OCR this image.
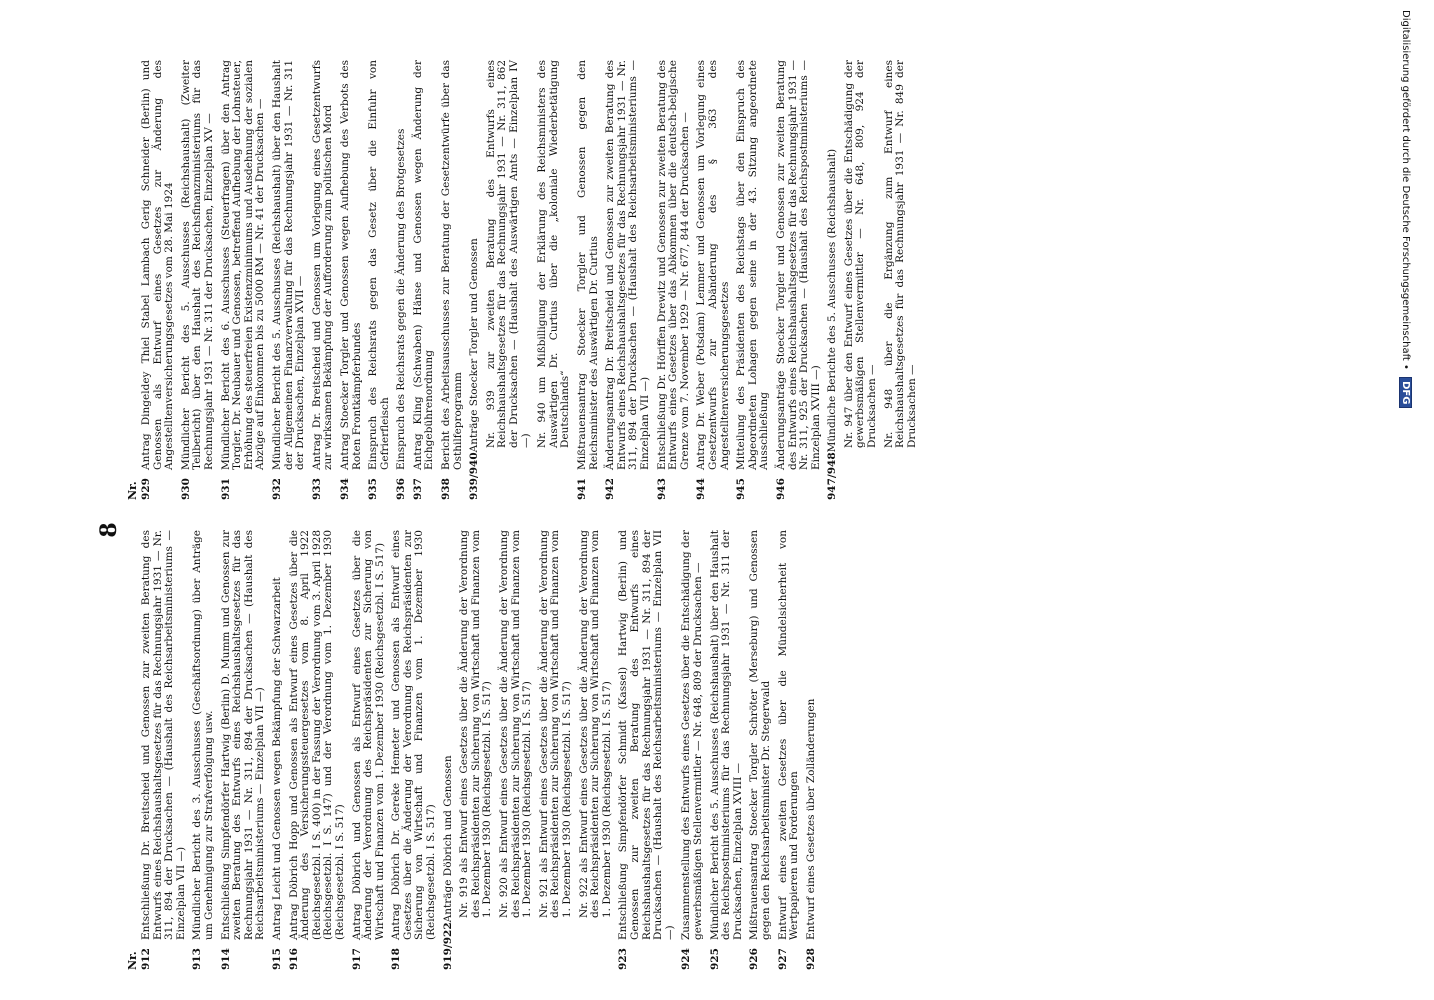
8
Nr. 912
Entschließung Dr. Breitscheid und Genossen zur zweiten Beratung des Entwurfs eines Reichshaushaltsgesetzes für das Rechnungsjahr 1931 — Nr. 311, 894 der Drucksachen — (Haushalt des Reichsarbeitsministeriums — Einzelplan VII —)
913
Mündlicher Bericht des 3. Ausschusses (Geschäftsordnung) über Anträge um Genehmigung zur Strafverfolgung usw.
914
Entschließung Simpfendörfer Hartwig (Berlin) D. Mumm und Genossen zur zweiten Beratung des Entwurfs eines Reichshaushaltsgesetzes für das Rechnungsjahr 1931 — Nr. 311, 894 der Drucksachen — (Haushalt des Reichsarbeitsministeriums — Einzelplan VII —)
915
Antrag Leicht und Genossen wegen Bekämpfung der Schwarzarbeit
916
Antrag Döbrich Hopp und Genossen als Entwurf eines Gesetzes über die Änderung des Versicherungssteuergesetzes vom 8. April 1922 (Reichsgesetzbl. I S. 400) in der Fassung der Verordnung vom 3. April 1928 (Reichsgesetzbl. I S. 147) und der Verordnung vom 1. Dezember 1930 (Reichsgesetzbl. I S. 517)
917
Antrag Döbrich und Genossen als Entwurf eines Gesetzes über die Änderung der Verordnung des Reichspräsidenten zur Sicherung von Wirtschaft und Finanzen vom 1. Dezember 1930 (Reichsgesetzbl. I S. 517)
918
Antrag Döbrich Dr. Gereke Hemeter und Genossen als Entwurf eines Gesetzes über die Änderung der Verordnung des Reichspräsidenten zur Sicherung von Wirtschaft und Finanzen vom 1. Dezember 1930 (Reichsgesetzbl. I S. 517)
919/922
Anträge Döbrich und Genossen Nr. 919 als Entwurf eines Gesetzes über die Änderung der Verordnung des Reichspräsidenten zur Sicherung von Wirtschaft und Finanzen vom 1. Dezember 1930 (Reichsgesetzbl. I S. 517) Nr. 920 als Entwurf eines Gesetzes über die Änderung der Verordnung des Reichspräsidenten zur Sicherung von Wirtschaft und Finanzen vom 1. Dezember 1930 (Reichsgesetzbl. I S. 517) Nr. 921 als Entwurf eines Gesetzes über die Änderung der Verordnung des Reichspräsidenten zur Sicherung von Wirtschaft und Finanzen vom 1. Dezember 1930 (Reichsgesetzbl. I S. 517) Nr. 922 als Entwurf eines Gesetzes über die Änderung der Verordnung des Reichspräsidenten zur Sicherung von Wirtschaft und Finanzen vom 1. Dezember 1930 (Reichsgesetzbl. I S. 517)
923
Entschließung Simpfendörfer Schmidt (Kassel) Hartwig (Berlin) und Genossen zur zweiten Beratung des Entwurfs eines Reichshaushaltsgesetzes für das Rechnungsjahr 1931 — Nr. 311, 894 der Drucksachen — (Haushalt des Reichsarbeitsministeriums — Einzelplan VII —)
924
Zusammenstellung des Entwurfs eines Gesetzes über die Entschädigung der gewerbsmäßigen Stellenvermittler — Nr. 648, 809 der Drucksachen —
925
Mündlicher Bericht des 5. Ausschusses (Reichshaushalt) über den Haushalt des Reichspostministeriums für das Rechnungsjahr 1931 — Nr. 311 der Drucksachen, Einzelplan XVIII —
926
Mißtrauensantrag Stoecker Torgler Schröter (Merseburg) und Genossen gegen den Reichsarbeitsminister Dr. Stegerwald
927
Entwurf eines zweiten Gesetzes über die Mündelsicherheit von Wertpapieren und Forderungen
928
Entwurf eines Gesetzes über Zolländerungen
Nr. 929
Antrag Dingeldey Thiel Stabel Lambach Gerig Schneider (Berlin) und Genossen als Entwurf eines Gesetzes zur Änderung des Angestelltenversicherungsgesetzes vom 28. Mai 1924
930
Mündlicher Bericht des 5. Ausschusses (Reichshaushalt) (Zweiter Teilbericht) über den Haushalt des Reichsfinanzministeriums für das Rechnungsjahr 1931 — Nr. 311 der Drucksachen, Einzelplan XV —
931
Mündlicher Bericht des 6. Ausschusses (Steuerfragen) über den Antrag Torgler, Dr. Neubauer und Genossen, betreffend Aufhebung der Lohnsteuer, Erhöhung des steuerfreien Existenzminimums und Ausdehnung der sozialen Abzüge auf Einkommen bis zu 5000 RM — Nr. 41 der Drucksachen —
932
Mündlicher Bericht des 5. Ausschusses (Reichshaushalt) über den Haushalt der Allgemeinen Finanzverwaltung für das Rechnungsjahr 1931 — Nr. 311 der Drucksachen, Einzelplan XVII —
933
Antrag Dr. Breitscheid und Genossen um Vorlegung eines Gesetzentwurfs zur wirksamen Bekämpfung der Aufforderung zum politischen Mord
934
Antrag Stoecker Torgler und Genossen wegen Aufhebung des Verbots des Roten Frontkämpferbundes
935
Einspruch des Reichsrats gegen das Gesetz über die Einfuhr von Gefrierfleisch
936
Einspruch des Reichsrats gegen die Änderung des Brotgesetzes
937
Antrag Kling (Schwaben) Hänse und Genossen wegen Änderung der Eichgebührenordnung
938
Bericht des Arbeitsausschusses zur Beratung der Gesetzentwürfe über das Osthilfeprogramm
939/940
Anträge Stoecker Torgler und Genossen Nr. 939 zur zweiten Beratung des Entwurfs eines Reichshaushaltsgesetzes für das Rechnungsjahr 1931 — Nr. 311, 862 der Drucksachen — (Haushalt des Auswärtigen Amts — Einzelplan IV —) Nr. 940 um Mißbilligung der Erklärung des Reichsministers des Auswärtigen Dr. Curtius über die „koloniale Wiederbetätigung Deutschlands“
941
Mißtrauensantrag Stoecker Torgler und Genossen gegen den Reichsminister des Auswärtigen Dr. Curtius
942
Änderungsantrag Dr. Breitscheid und Genossen zur zweiten Beratung des Entwurfs eines Reichshaushaltsgesetzes für das Rechnungsjahr 1931 — Nr. 311, 894 der Drucksachen — (Haushalt des Reichsarbeitsministeriums — Einzelplan VII —)
943
Entschließung Dr. Höriffen Drewitz und Genossen zur zweiten Beratung des Entwurfs eines Gesetzes über das Abkommen über die deutsch-belgische Grenze vom 7. November 1929 — Nr. 677, 844 der Drucksachen —
944
Antrag Dr. Weber (Potsdam) Lemmer und Genossen um Vorlegung eines Gesetzentwurfs zur Abänderung des § 363 des Angestelltenversicherungsgesetzes
945
Mitteilung des Präsidenten des Reichstags über den Einspruch des Abgeordneten Lohagen gegen seine in der 43. Sitzung angeordnete Ausschließung
946
Änderungsanträge Stoecker Torgler und Genossen zur zweiten Beratung des Entwurfs eines Reichshaushaltsgesetzes für das Rechnungsjahr 1931 — Nr. 311, 925 der Drucksachen — (Haushalt des Reichspostministeriums — Einzelplan XVIII —)
947/948
Mündliche Berichte des 5. Ausschusses (Reichshaushalt) Nr. 947 über den Entwurf eines Gesetzes über die Entschädigung der gewerbsmäßigen Stellenvermittler — Nr. 648, 809, 924 der Drucksachen — Nr. 948 über die Ergänzung zum Entwurf eines Reichshaushaltsgesetzes für das Rechnungsjahr 1931 — Nr. 849 der Drucksachen —
Digitalisierung gefördert durch die Deutsche Forschungsgemeinschaft • DFG
